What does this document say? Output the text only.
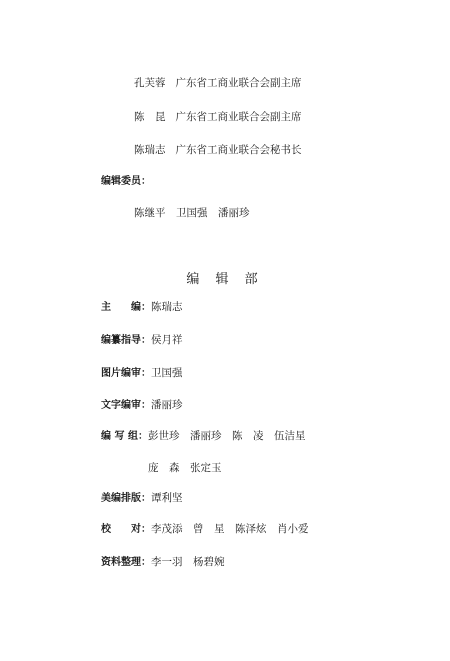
孔芙蓉 广东省工商业联合会副主席
陈　昆 广东省工商业联合会副主席
陈瑞志 广东省工商业联合会秘书长
编辑委员：
陈继平　卫国强　潘丽珍
编 辑 部
主　　编：陈瑞志
编纂指导：侯月祥
图片编审：卫国强
文字编审：潘丽珍
编 写 组：彭世珍　潘丽珍　陈　凌　伍洁星
庞　森　张定玉
美编排版：谭利坚
校　　对：李茂添　曾　星　陈泽炫　肖小爱
资料整理：李一羽　杨碧婉
